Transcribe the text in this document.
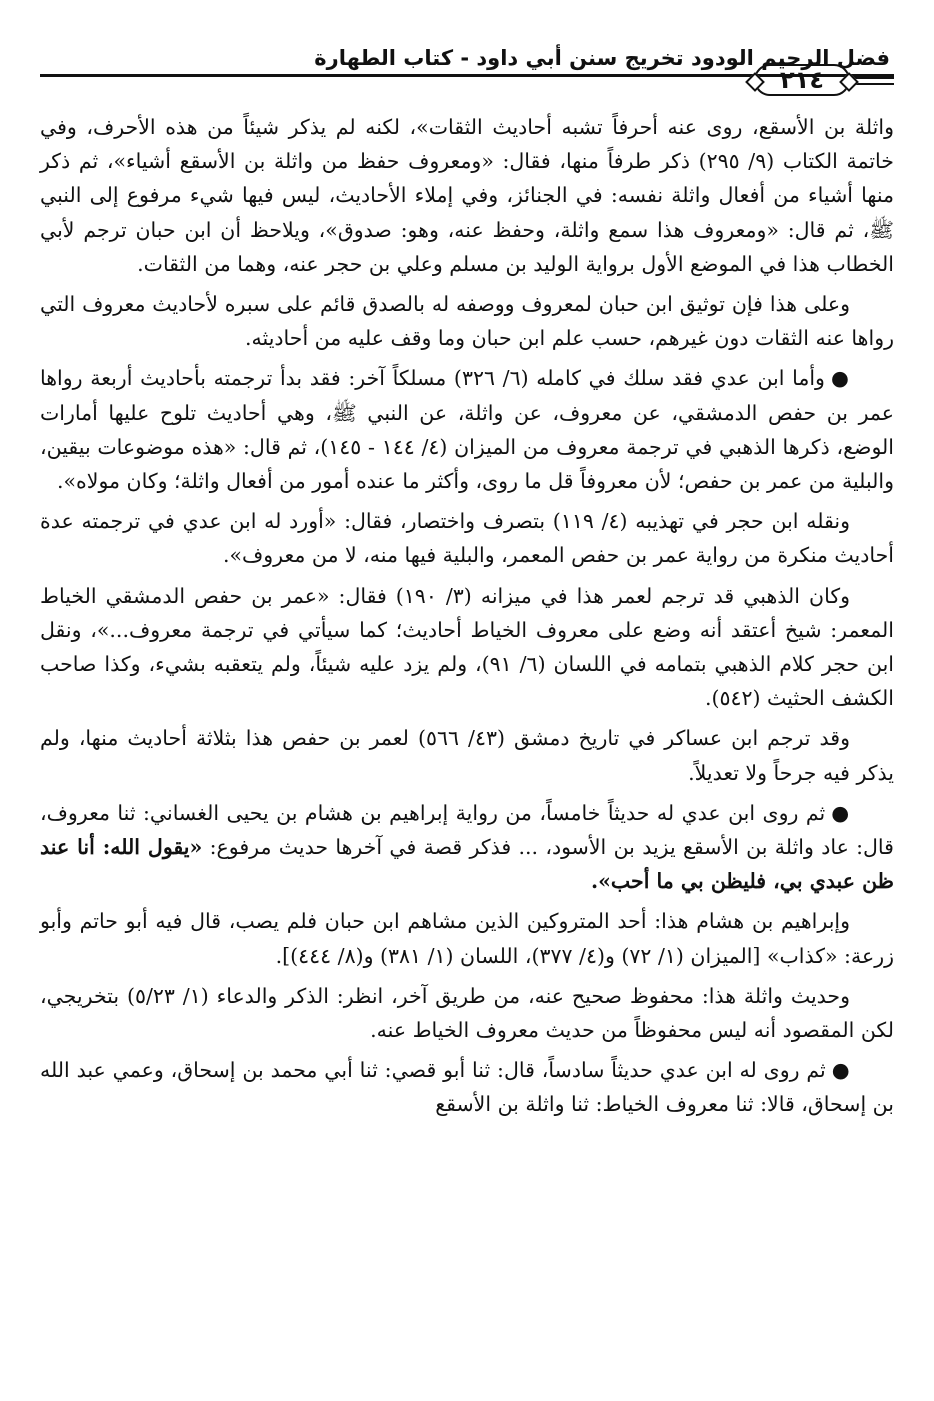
فضل الرحيم الودود تخريج سنن أبي داود - كتاب الطهارة
٢١٤

واثلة بن الأسقع، روى عنه أحرفاً تشبه أحاديث الثقات»، لكنه لم يذكر شيئاً من هذه الأحرف، وفي خاتمة الكتاب (٩/ ٢٩٥) ذكر طرفاً منها، فقال: «ومعروف حفظ من واثلة بن الأسقع أشياء»، ثم ذكر منها أشياء من أفعال واثلة نفسه: في الجنائز، وفي إملاء الأحاديث، ليس فيها شيء مرفوع إلى النبي ﷺ، ثم قال: «ومعروف هذا سمع واثلة، وحفظ عنه، وهو: صدوق»، ويلاحظ أن ابن حبان ترجم لأبي الخطاب هذا في الموضع الأول برواية الوليد بن مسلم وعلي بن حجر عنه، وهما من الثقات.

وعلى هذا فإن توثيق ابن حبان لمعروف ووصفه له بالصدق قائم على سبره لأحاديث معروف التي رواها عنه الثقات دون غيرهم، حسب علم ابن حبان وما وقف عليه من أحاديثه.

●وأما ابن عدي فقد سلك في كامله (٦/ ٣٢٦) مسلكاً آخر: فقد بدأ ترجمته بأحاديث أربعة رواها عمر بن حفص الدمشقي، عن معروف، عن واثلة، عن النبي ﷺ، وهي أحاديث تلوح عليها أمارات الوضع، ذكرها الذهبي في ترجمة معروف من الميزان (٤/ ١٤٤ - ١٤٥)، ثم قال: «هذه موضوعات بيقين، والبلية من عمر بن حفص؛ لأن معروفاً قل ما روى، وأكثر ما عنده أمور من أفعال واثلة؛ وكان مولاه».

ونقله ابن حجر في تهذيبه (٤/ ١١٩) بتصرف واختصار، فقال: «أورد له ابن عدي في ترجمته عدة أحاديث منكرة من رواية عمر بن حفص المعمر، والبلية فيها منه، لا من معروف».

وكان الذهبي قد ترجم لعمر هذا في ميزانه (٣/ ١٩٠) فقال: «عمر بن حفص الدمشقي الخياط المعمر: شيخ أعتقد أنه وضع على معروف الخياط أحاديث؛ كما سيأتي في ترجمة معروف...»، ونقل ابن حجر كلام الذهبي بتمامه في اللسان (٦/ ٩١)، ولم يزد عليه شيئاً، ولم يتعقبه بشيء، وكذا صاحب الكشف الحثيث (٥٤٢).

وقد ترجم ابن عساكر في تاريخ دمشق (٤٣/ ٥٦٦) لعمر بن حفص هذا بثلاثة أحاديث منها، ولم يذكر فيه جرحاً ولا تعديلاً.

●ثم روى ابن عدي له حديثاً خامساً، من رواية إبراهيم بن هشام بن يحيى الغساني: ثنا معروف، قال: عاد واثلة بن الأسقع يزيد بن الأسود، ... فذكر قصة في آخرها حديث مرفوع: «يقول الله: أنا عند ظن عبدي بي، فليظن بي ما أحب».

وإبراهيم بن هشام هذا: أحد المتروكين الذين مشاهم ابن حبان فلم يصب، قال فيه أبو حاتم وأبو زرعة: «كذاب» [الميزان (١/ ٧٢) و(٤/ ٣٧٧)، اللسان (١/ ٣٨١) و(٨/ ٤٤٤)].

وحديث واثلة هذا: محفوظ صحيح عنه، من طريق آخر، انظر: الذكر والدعاء (١/ ٥/٢٣) بتخريجي، لكن المقصود أنه ليس محفوظاً من حديث معروف الخياط عنه.

●ثم روى له ابن عدي حديثاً سادساً، قال: ثنا أبو قصي: ثنا أبي محمد بن إسحاق، وعمي عبد الله بن إسحاق، قالا: ثنا معروف الخياط: ثنا واثلة بن الأسقع
